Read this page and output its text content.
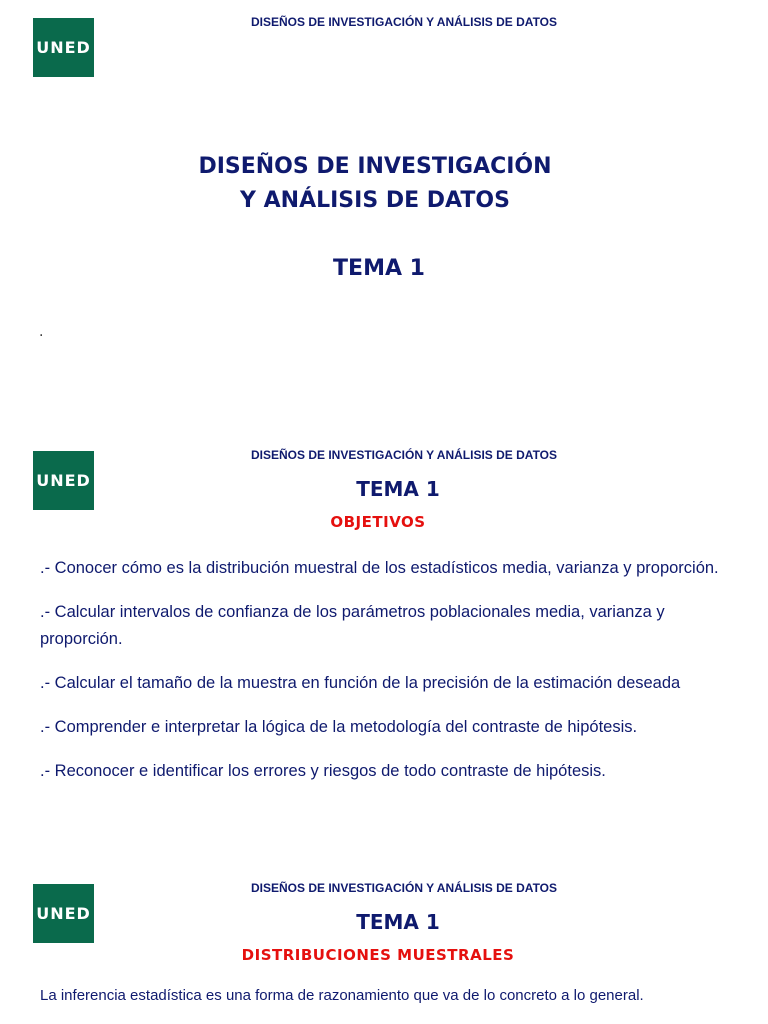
UNED
DISEÑOS DE INVESTIGACIÓN Y ANÁLISIS DE DATOS
DISEÑOS DE INVESTIGACIÓN
Y ANÁLISIS DE DATOS
TEMA 1
.
UNED
DISEÑOS DE INVESTIGACIÓN Y ANÁLISIS DE DATOS
TEMA 1
OBJETIVOS
.- Conocer cómo es la distribución muestral de los estadísticos media, varianza y proporción.
.- Calcular intervalos de confianza de los parámetros poblacionales media, varianza y proporción.
.- Calcular el tamaño de la muestra en función de la precisión de la estimación deseada
.- Comprender e interpretar la lógica de la metodología del contraste de hipótesis.
.- Reconocer e identificar los errores y riesgos de todo contraste de hipótesis.
UNED
DISEÑOS DE INVESTIGACIÓN Y ANÁLISIS DE DATOS
TEMA 1
DISTRIBUCIONES MUESTRALES
La inferencia estadística es una forma de razonamiento que va de lo concreto a lo general.
